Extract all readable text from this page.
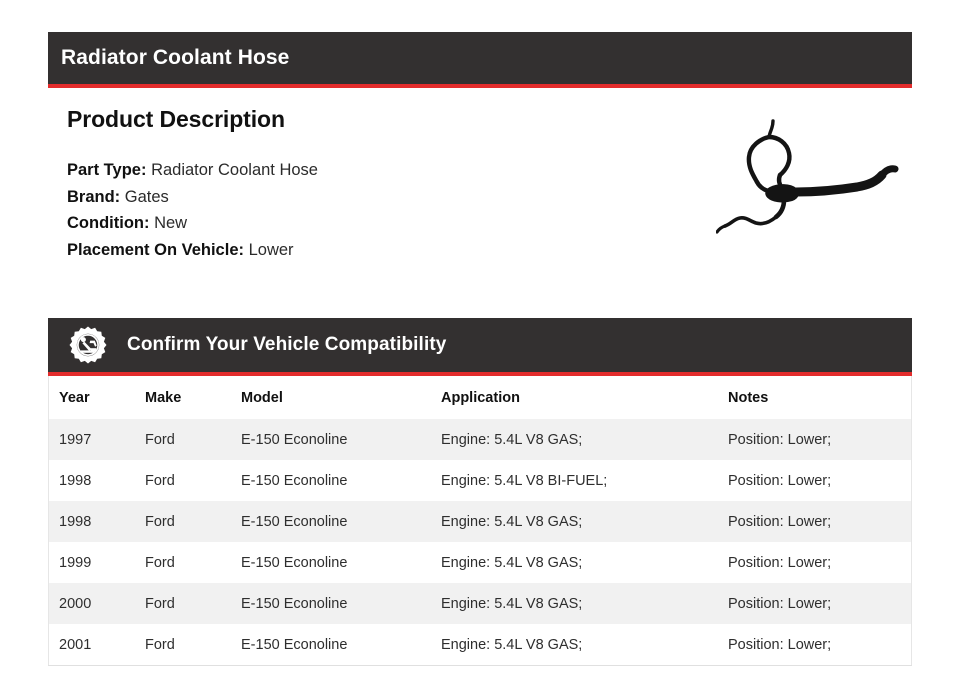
Radiator Coolant Hose
Product Description
Part Type: Radiator Coolant Hose
Brand: Gates
Condition: New
Placement On Vehicle: Lower
Confirm Your Vehicle Compatibility
Year	Make	Model	Application	Notes
1997	Ford	E-150 Econoline	Engine: 5.4L V8 GAS;	Position: Lower;
1998	Ford	E-150 Econoline	Engine: 5.4L V8 BI-FUEL;	Position: Lower;
1998	Ford	E-150 Econoline	Engine: 5.4L V8 GAS;	Position: Lower;
1999	Ford	E-150 Econoline	Engine: 5.4L V8 GAS;	Position: Lower;
2000	Ford	E-150 Econoline	Engine: 5.4L V8 GAS;	Position: Lower;
2001	Ford	E-150 Econoline	Engine: 5.4L V8 GAS;	Position: Lower;
